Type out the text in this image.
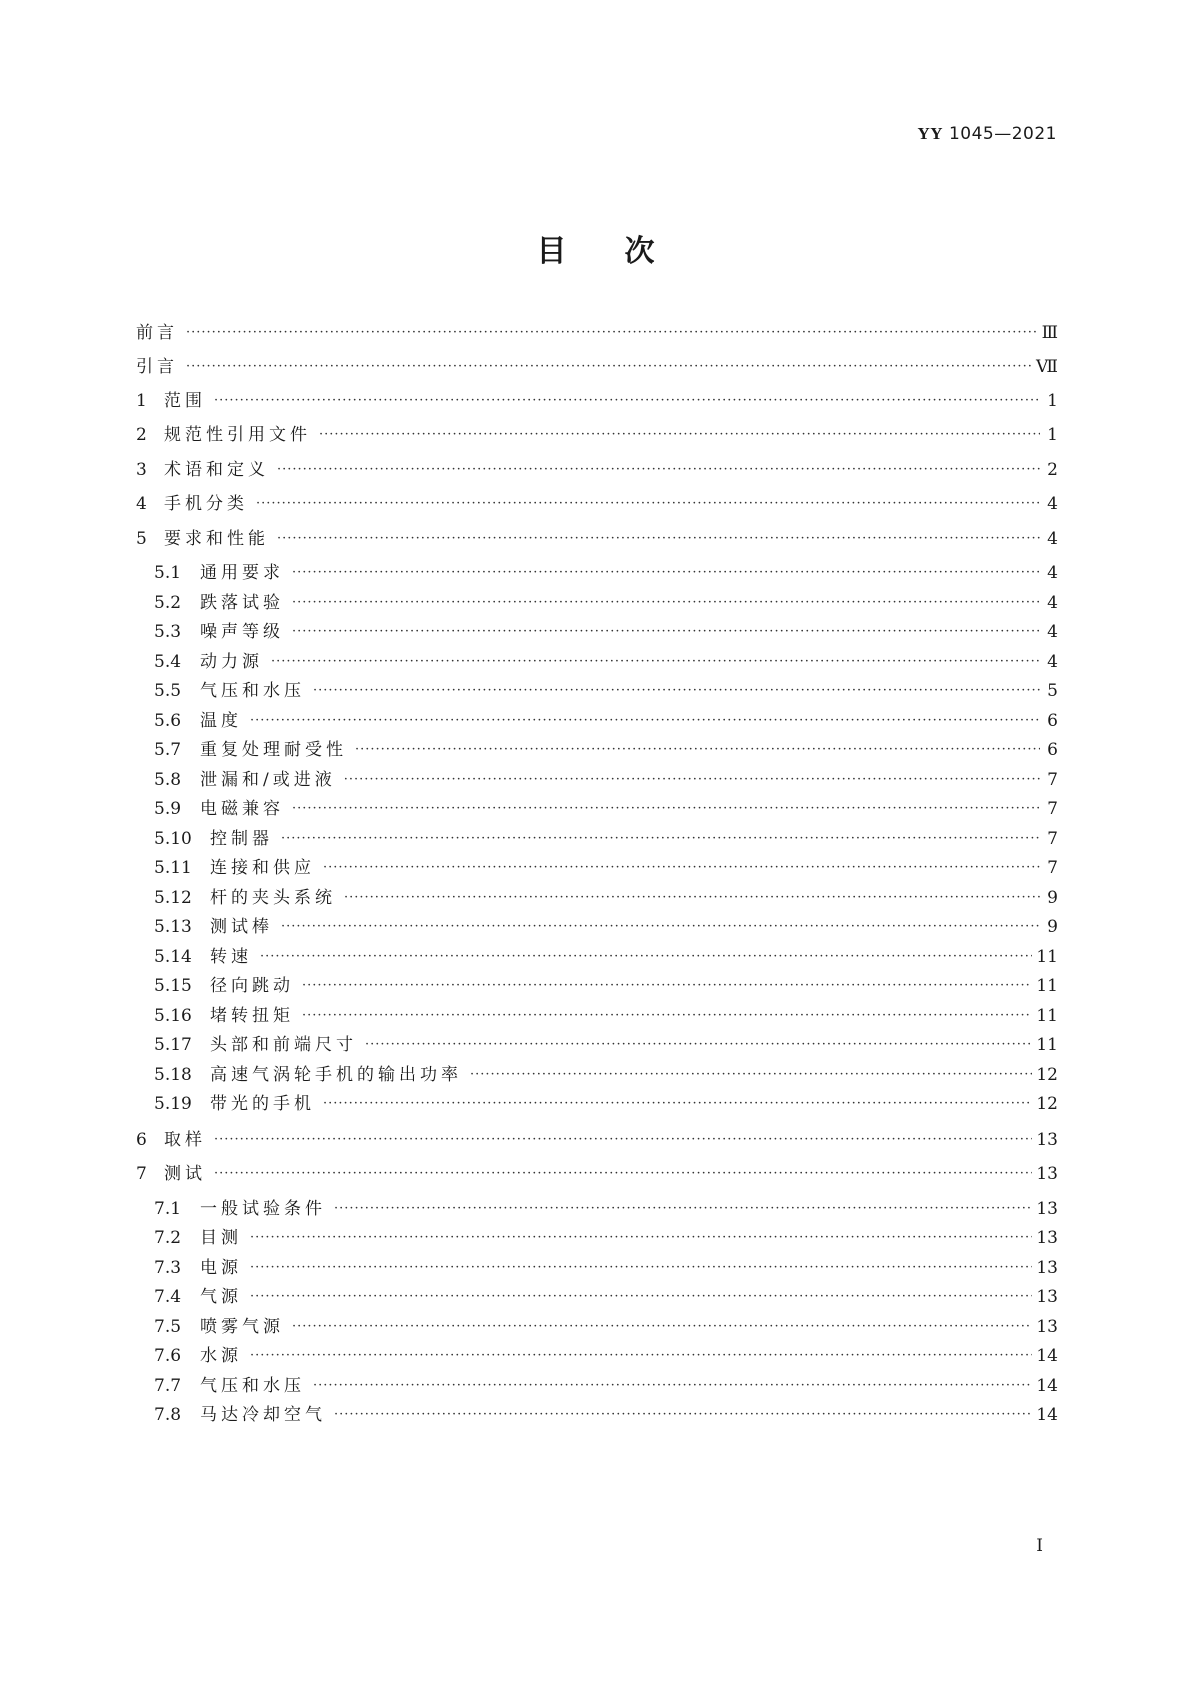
YY 1045—2021
目次
前言 ·····	Ⅲ
引言 ·····	Ⅶ
1	范围 ·····	1
2	规范性引用文件 ·····	1
3	术语和定义 ·····	2
4	手机分类 ·····	4
5	要求和性能 ·····	4
5.1	通用要求 ·····	4
5.2	跌落试验 ·····	4
5.3	噪声等级 ·····	4
5.4	动力源 ·····	4
5.5	气压和水压 ·····	5
5.6	温度 ·····	6
5.7	重复处理耐受性 ·····	6
5.8	泄漏和/或进液 ·····	7
5.9	电磁兼容 ·····	7
5.10	控制器 ·····	7
5.11	连接和供应 ·····	7
5.12	杆的夹头系统 ·····	9
5.13	测试棒 ·····	9
5.14	转速 ·····	11
5.15	径向跳动 ·····	11
5.16	堵转扭矩 ·····	11
5.17	头部和前端尺寸 ·····	11
5.18	高速气涡轮手机的输出功率 ·····	12
5.19	带光的手机 ·····	12
6	取样 ·····	13
7	测试 ·····	13
7.1	一般试验条件 ·····	13
7.2	目测 ·····	13
7.3	电源 ·····	13
7.4	气源 ·····	13
7.5	喷雾气源 ·····	13
7.6	水源 ·····	14
7.7	气压和水压 ·····	14
7.8	马达冷却空气 ·····	14
I
